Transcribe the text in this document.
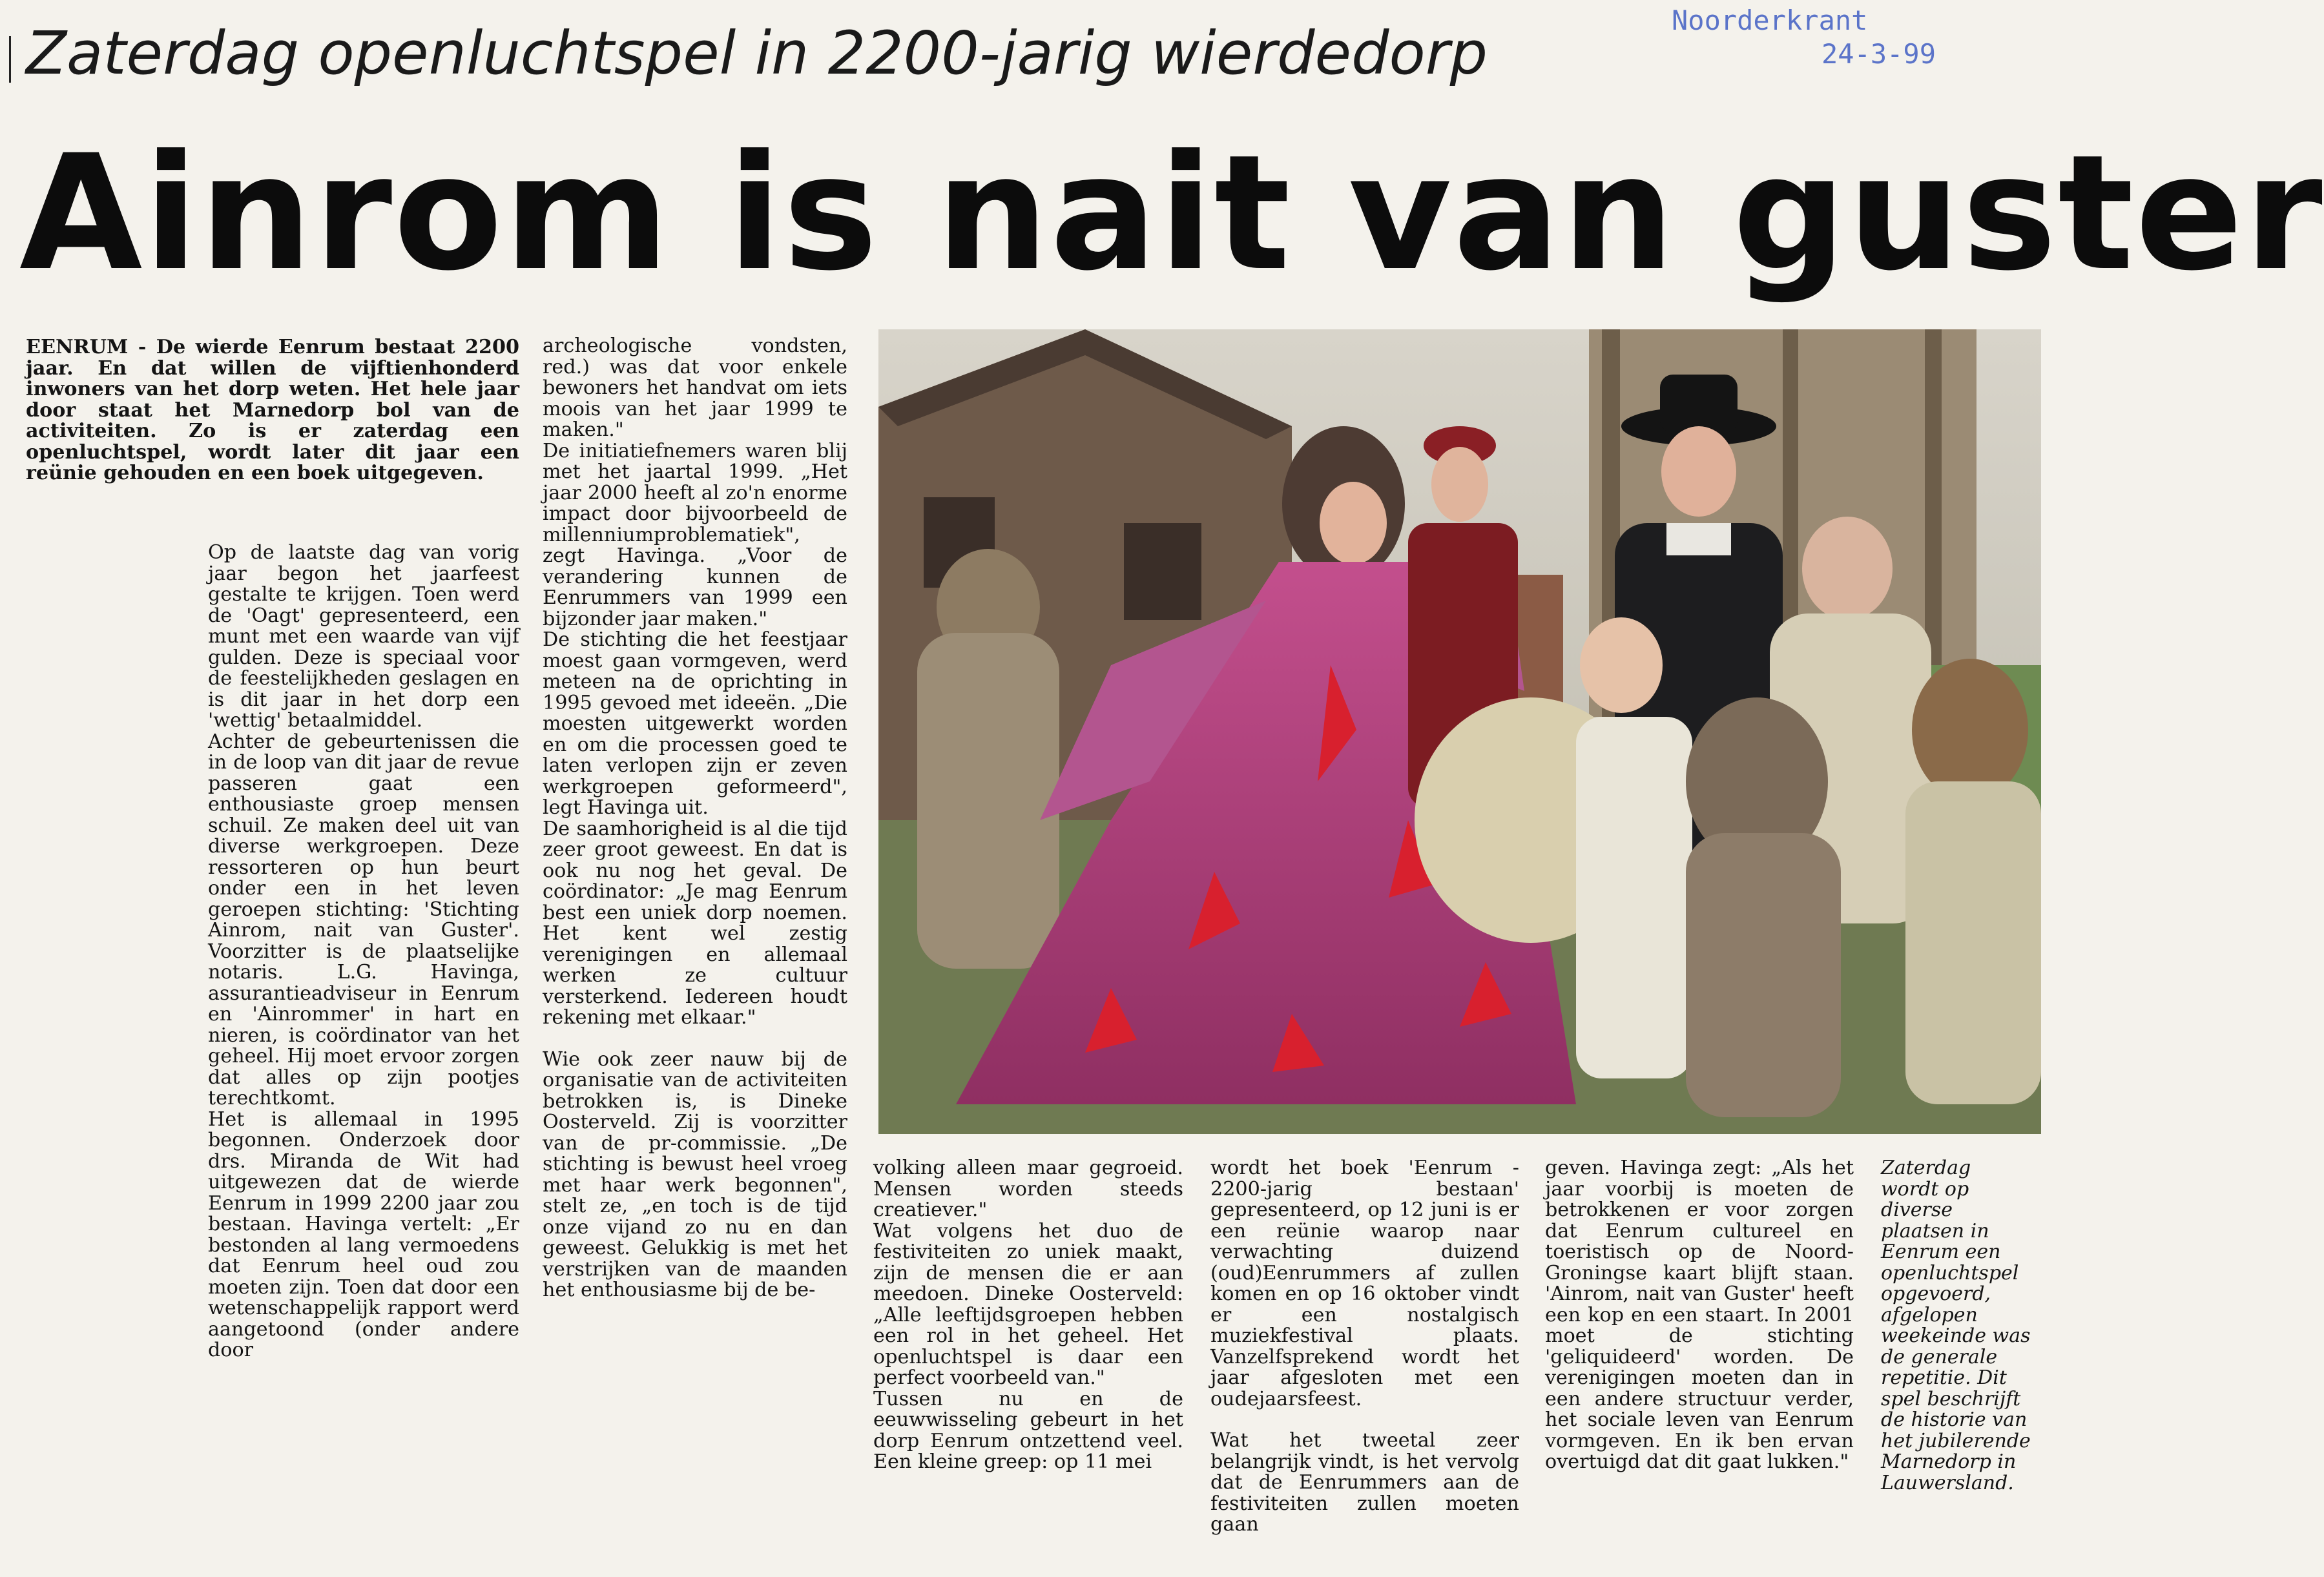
Noorderkrant
24-3-99
Zaterdag openluchtspel in 2200-jarig wierdedorp
Ainrom is nait van guster

EENRUM - De wierde Eenrum bestaat 2200 jaar. En dat willen de vijftienhonderd inwoners van het dorp weten. Het hele jaar door staat het Marnedorp bol van de activiteiten. Zo is er zaterdag een openluchtspel, wordt later dit jaar een reünie gehouden en een boek uitgegeven.

Op de laatste dag van vorig jaar begon het jaarfeest gestalte te krijgen. Toen werd de 'Oagt' gepresenteerd, een munt met een waarde van vijf gulden. Deze is speciaal voor de feestelijkheden geslagen en is dit jaar in het dorp een 'wettig' betaalmiddel.

Achter de gebeurtenissen die in de loop van dit jaar de revue passeren gaat een enthousiaste groep mensen schuil. Ze maken deel uit van diverse werkgroepen. Deze ressorteren op hun beurt onder een in het leven geroepen stichting: 'Stichting Ainrom, nait van Guster'. Voorzitter is de plaatselijke notaris. L.G. Havinga, assurantieadviseur in Eenrum en 'Ainrommer' in hart en nieren, is coördinator van het geheel. Hij moet ervoor zorgen dat alles op zijn pootjes terechtkomt.

Het is allemaal in 1995 begonnen. Onderzoek door drs. Miranda de Wit had uitgewezen dat de wierde Eenrum in 1999 2200 jaar zou bestaan. Havinga vertelt: „Er bestonden al lang vermoedens dat Eenrum heel oud zou moeten zijn. Toen dat door een wetenschappelijk rapport werd aangetoond (onder andere door

archeologische vondsten, red.) was dat voor enkele bewoners het handvat om iets moois van het jaar 1999 te maken."

De initiatiefnemers waren blij met het jaartal 1999. „Het jaar 2000 heeft al zo'n enorme impact door bijvoorbeeld de millenniumproblematiek", zegt Havinga. „Voor de verandering kunnen de Eenrummers van 1999 een bijzonder jaar maken."

De stichting die het feestjaar moest gaan vormgeven, werd meteen na de oprichting in 1995 gevoed met ideeën. „Die moesten uitgewerkt worden en om die processen goed te laten verlopen zijn er zeven werkgroepen geformeerd", legt Havinga uit.

De saamhorigheid is al die tijd zeer groot geweest. En dat is ook nu nog het geval. De coördinator: „Je mag Eenrum best een uniek dorp noemen. Het kent wel zestig verenigingen en allemaal werken ze cultuur versterkend. Iedereen houdt rekening met elkaar."

Wie ook zeer nauw bij de organisatie van de activiteiten betrokken is, is Dineke Oosterveld. Zij is voorzitter van de pr-commissie. „De stichting is bewust heel vroeg met haar werk begonnen", stelt ze, „en toch is de tijd onze vijand zo nu en dan geweest. Gelukkig is met het verstrijken van de maanden het enthousiasme bij de be-

volking alleen maar gegroeid. Mensen worden steeds creatiever."

Wat volgens het duo de festiviteiten zo uniek maakt, zijn de mensen die er aan meedoen. Dineke Oosterveld: „Alle leeftijdsgroepen hebben een rol in het geheel. Het openluchtspel is daar een perfect voorbeeld van."

Tussen nu en de eeuwwisseling gebeurt in het dorp Eenrum ontzettend veel. Een kleine greep: op 11 mei

wordt het boek 'Eenrum - 2200-jarig bestaan' gepresenteerd, op 12 juni is er een reünie waarop naar verwachting duizend (oud)Eenrummers af zullen komen en op 16 oktober vindt er een nostalgisch muziekfestival plaats. Vanzelfsprekend wordt het jaar afgesloten met een oudejaarsfeest.

Wat het tweetal zeer belangrijk vindt, is het vervolg dat de Eenrummers aan de festiviteiten zullen moeten gaan

geven. Havinga zegt: „Als het jaar voorbij is moeten de betrokkenen er voor zorgen dat Eenrum cultureel en toeristisch op de Noord-Groningse kaart blijft staan. 'Ainrom, nait van Guster' heeft een kop en een staart. In 2001 moet de stichting 'geliquideerd' worden. De verenigingen moeten dan in een andere structuur verder, het sociale leven van Eenrum vormgeven. En ik ben ervan overtuigd dat dit gaat lukken."

Zaterdag wordt op diverse plaatsen in Eenrum een openluchtspel opgevoerd, afgelopen weekeinde was de generale repetitie. Dit spel beschrijft de historie van het jubilerende Marnedorp in Lauwersland.
